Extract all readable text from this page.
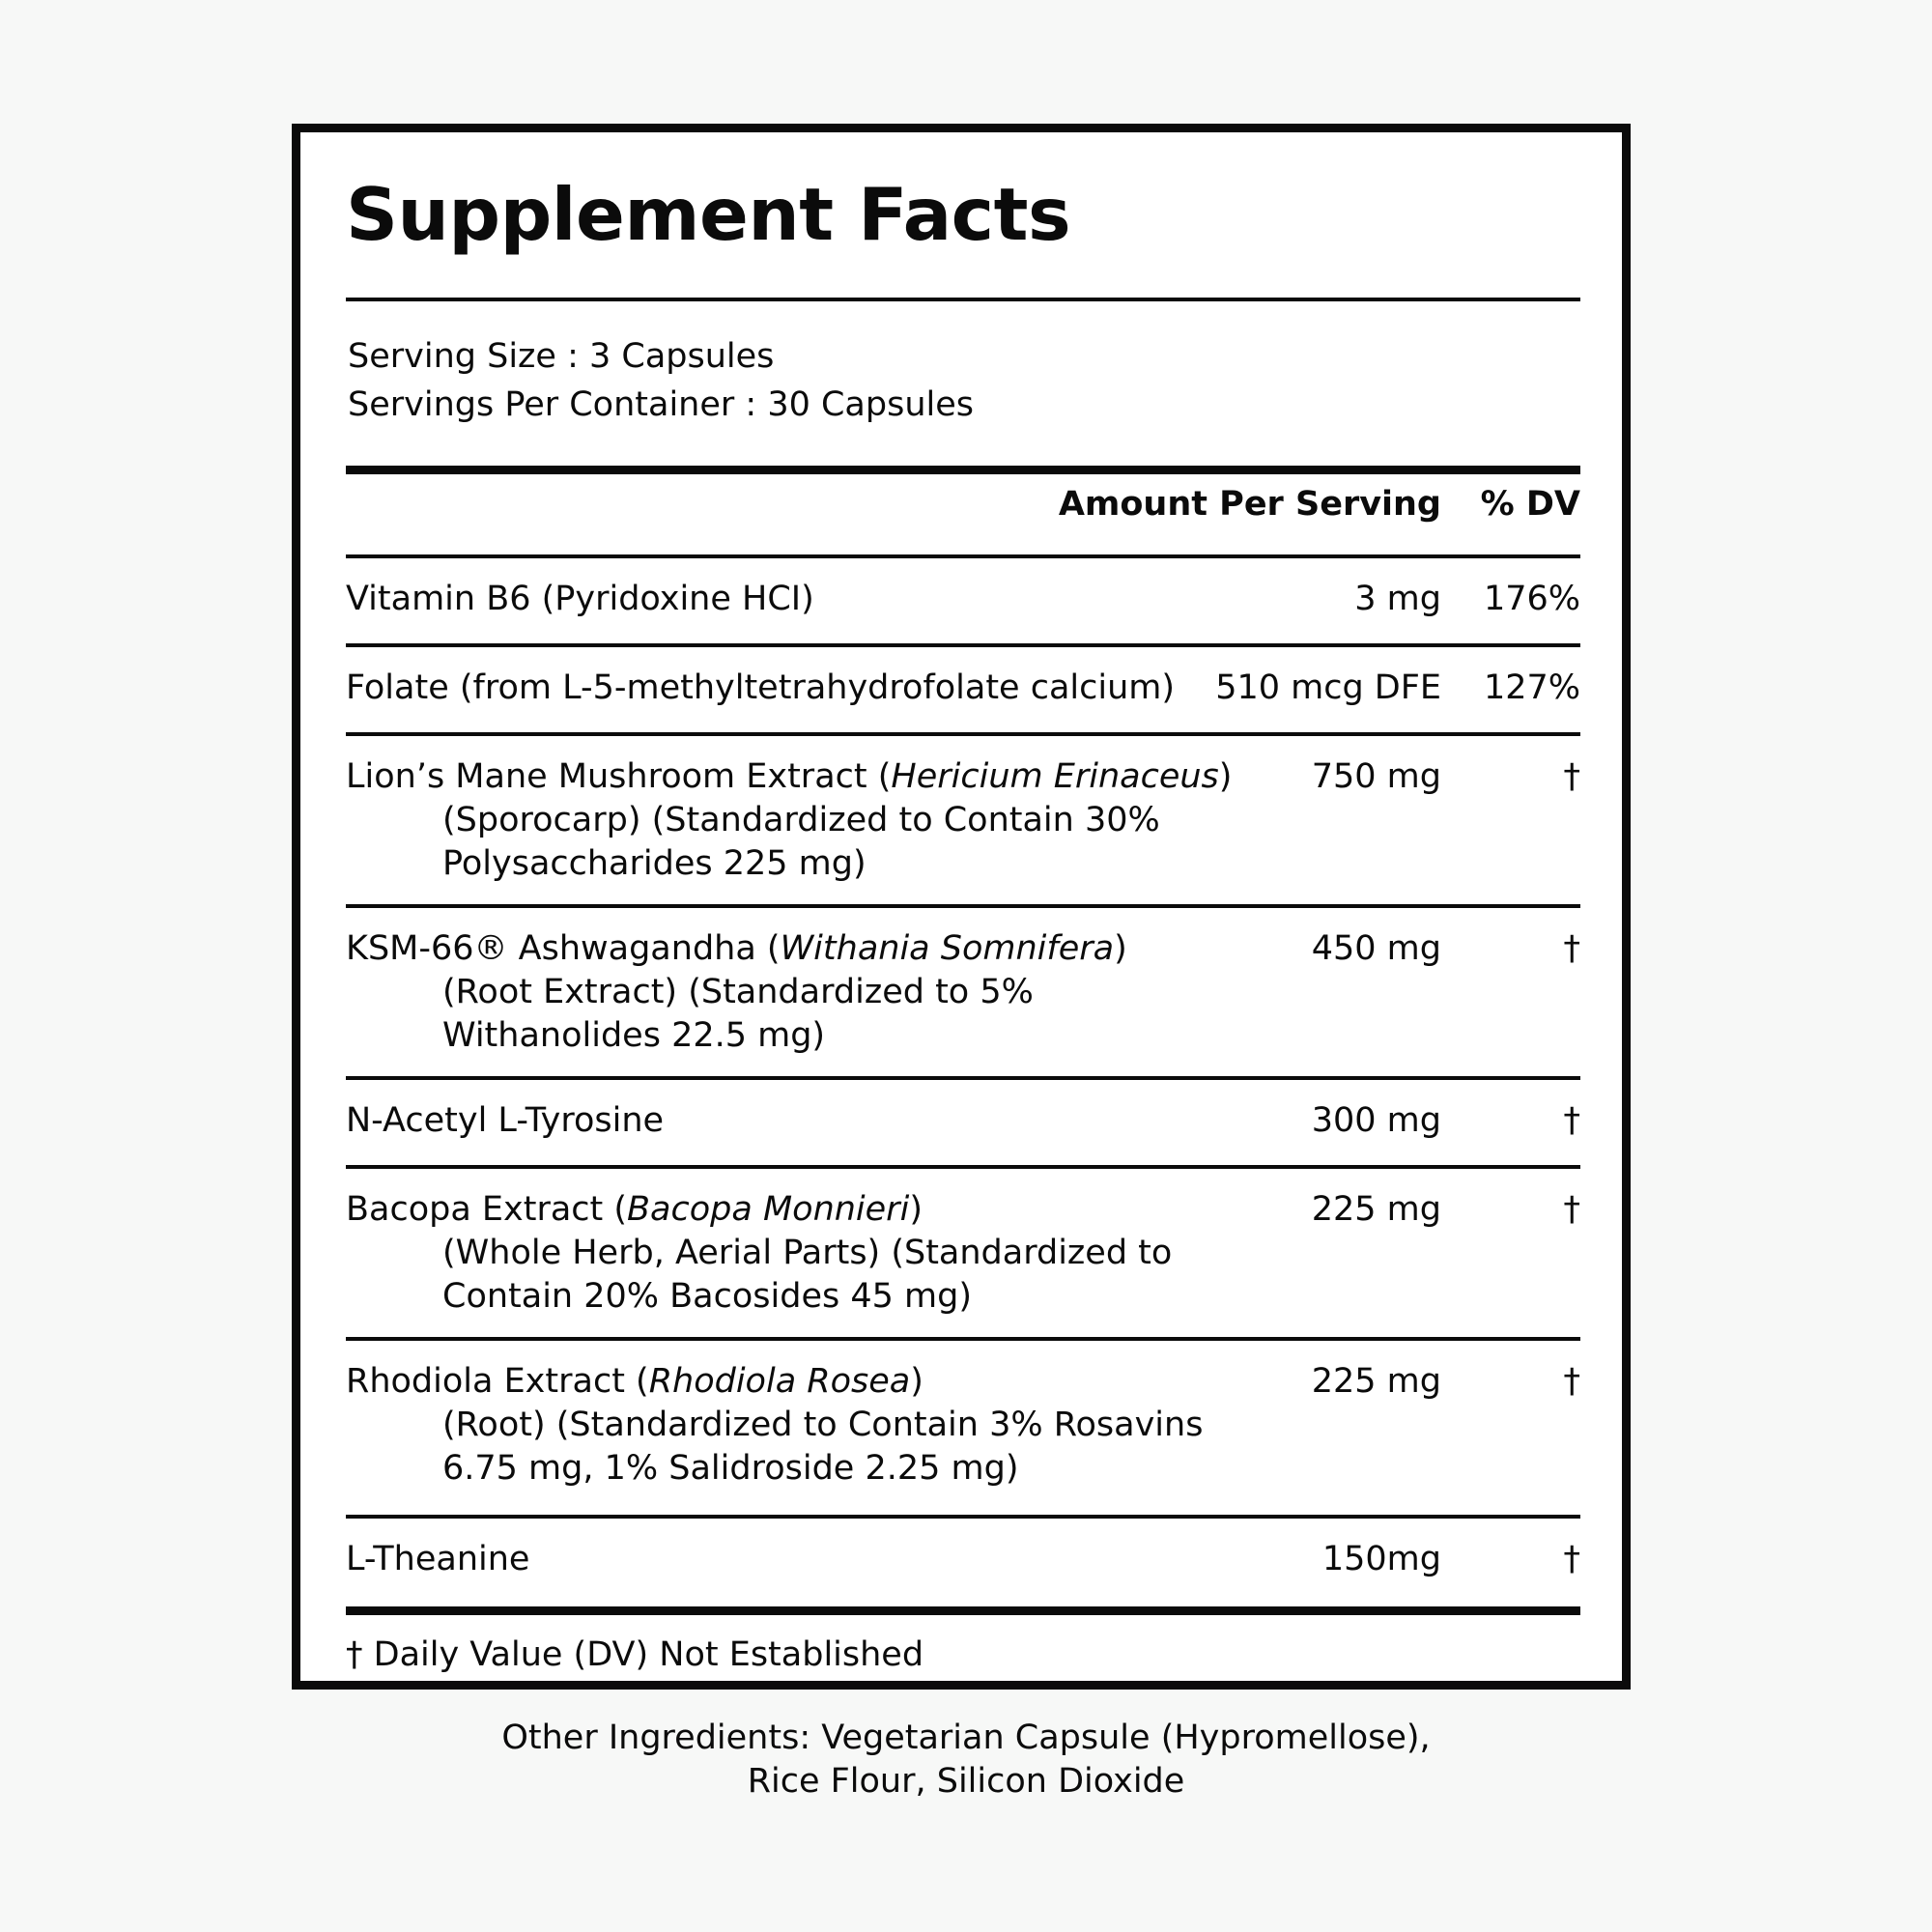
Supplement Facts
Serving Size : 3 Capsules
Servings Per Container : 30 Capsules
Amount Per Serving % DV
Vitamin B6 (Pyridoxine HCI)	3 mg 176%
Folate (from L-5-methyltetrahydrofolate calcium)	510 mcg DFE 127%
Lion’s Mane Mushroom Extract (Hericium Erinaceus)
(Sporocarp) (Standardized to Contain 30%
Polysaccharides 225 mg)
750 mg	†
KSM-66® Ashwagandha (Withania Somnifera)
(Root Extract) (Standardized to 5%
Withanolides 22.5 mg)
450 mg	†
N-Acetyl L-Tyrosine	300 mg	†
Bacopa Extract (Bacopa Monnieri)
(Whole Herb, Aerial Parts) (Standardized to
Contain 20% Bacosides 45 mg)
225 mg	†
Rhodiola Extract (Rhodiola Rosea)
(Root) (Standardized to Contain 3% Rosavins
6.75 mg, 1% Salidroside 2.25 mg)
225 mg	†
L-Theanine	150mg	†
† Daily Value (DV) Not Established
Other Ingredients: Vegetarian Capsule (Hypromellose),
Rice Flour, Silicon Dioxide
